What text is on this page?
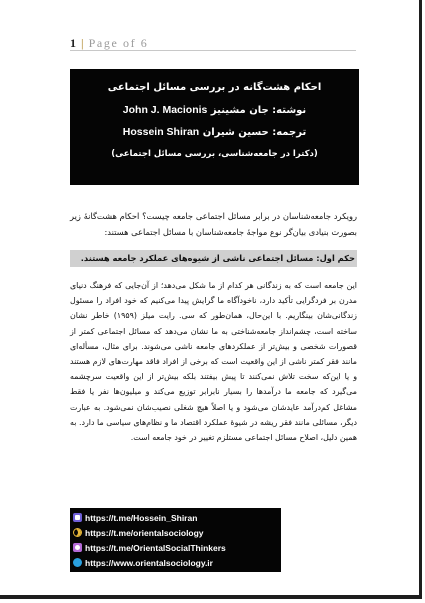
1 | Page of 6
احکام هشت‌گانه در بررسی مسائل اجتماعی
نوشته: جان مشینیز John J. Macionis
ترجمه: حسین شیران Hossein Shiran
(دکترا در جامعه‌شناسی، بررسی مسائل اجتماعی)
رویکرد جامعه‌شناسان در برابر مسائل اجتماعی جامعه چیست؟ احکام هشت‌گانهٔ زیر بصورت بنیادی بیان‌گر نوع مواجهٔ جامعه‌شناسان با مسائل اجتماعی هستند:
حکم اول: مسائل اجتماعی ناشی از شیوه‌های عملکرد جامعه هستند.
این جامعه است که به زندگانی هر کدام از ما شکل می‌دهد؛ از آن‌جایی که فرهنگ دنیای مدرن بر فردگرایی تأکید دارد، ناخودآگاه ما گرایش پیدا می‌کنیم که خود افراد را مسئول زندگانی‌شان بینگاریم. با این‌حال، همان‌طور که سی. رایت میلز (۱۹۵۹) خاطر نشان ساخته است، چشم‌انداز جامعه‌شناختی به ما نشان می‌دهد که مسائل اجتماعی کمتر از قصورات شخصی و بیش‌تر از عملکردهای جامعه ناشی می‌شوند. برای مثال، مسأله‌ای مانند فقر کمتر ناشی از این واقعیت است که برخی از افراد فاقد مهارت‌های لازم هستند و یا این‌که سخت تلاش نمی‌کنند تا پیش بیفتند بلکه بیش‌تر از این واقعیت سرچشمه می‌گیرد که جامعه ما درآمدها را بسیار نابرابر توزیع می‌کند و میلیون‌ها نفر یا فقط مشاغل کم‌درآمد عایدشان می‌شود و یا اصلاً هیچ شغلی نصیب‌شان نمی‌شود. به عبارت دیگر، مسائلی مانند فقر ریشه در شیوهٔ عملکرد اقتصاد ما و نظام‌های سیاسی ما دارد. به همین دلیل، اصلاح مسائل اجتماعی مستلزم تغییر در خود جامعه است.
https://t.me/Hossein_Shiran
https://t.me/orientalsociology
https://t.me/OrientalSocialThinkers
https://www.orientalsociology.ir
